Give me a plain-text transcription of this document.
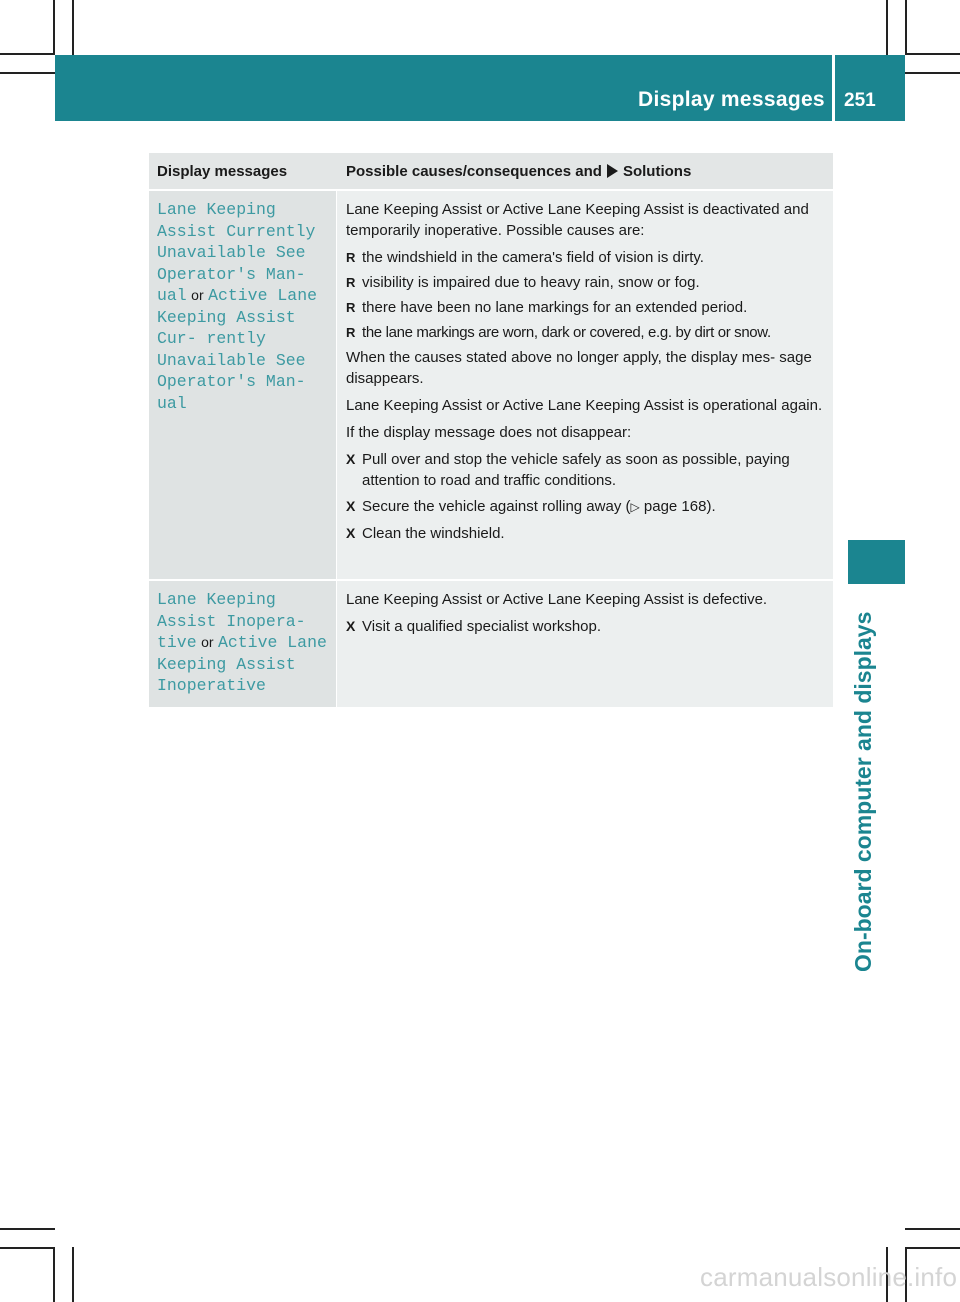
Display messages 251
On-board computer and displays
Display messages	Possible causes/consequences and Solutions
Lane Keeping Assist Currently Unavailable See Operator's Man‐ ual or Active Lane Keeping Assist Cur‐ rently Unavailable See Operator's Man‐ ual

Lane Keeping Assist or Active Lane Keeping Assist is deactivated and temporarily inoperative. Possible causes are:

R the windshield in the camera's field of vision is dirty.
R visibility is impaired due to heavy rain, snow or fog.
R there have been no lane markings for an extended period.
R the lane markings are worn, dark or covered, e.g. by dirt or snow.

When the causes stated above no longer apply, the display mes‐ sage disappears.

Lane Keeping Assist or Active Lane Keeping Assist is operational again.

If the display message does not disappear:

X Pull over and stop the vehicle safely as soon as possible, paying attention to road and traffic conditions.
X Secure the vehicle against rolling away (▷ page 168).
X Clean the windshield.
Lane Keeping Assist Inopera‐ tive or Active Lane Keeping Assist Inoperative

Lane Keeping Assist or Active Lane Keeping Assist is defective.

X Visit a qualified specialist workshop.
carmanualsonline.info
